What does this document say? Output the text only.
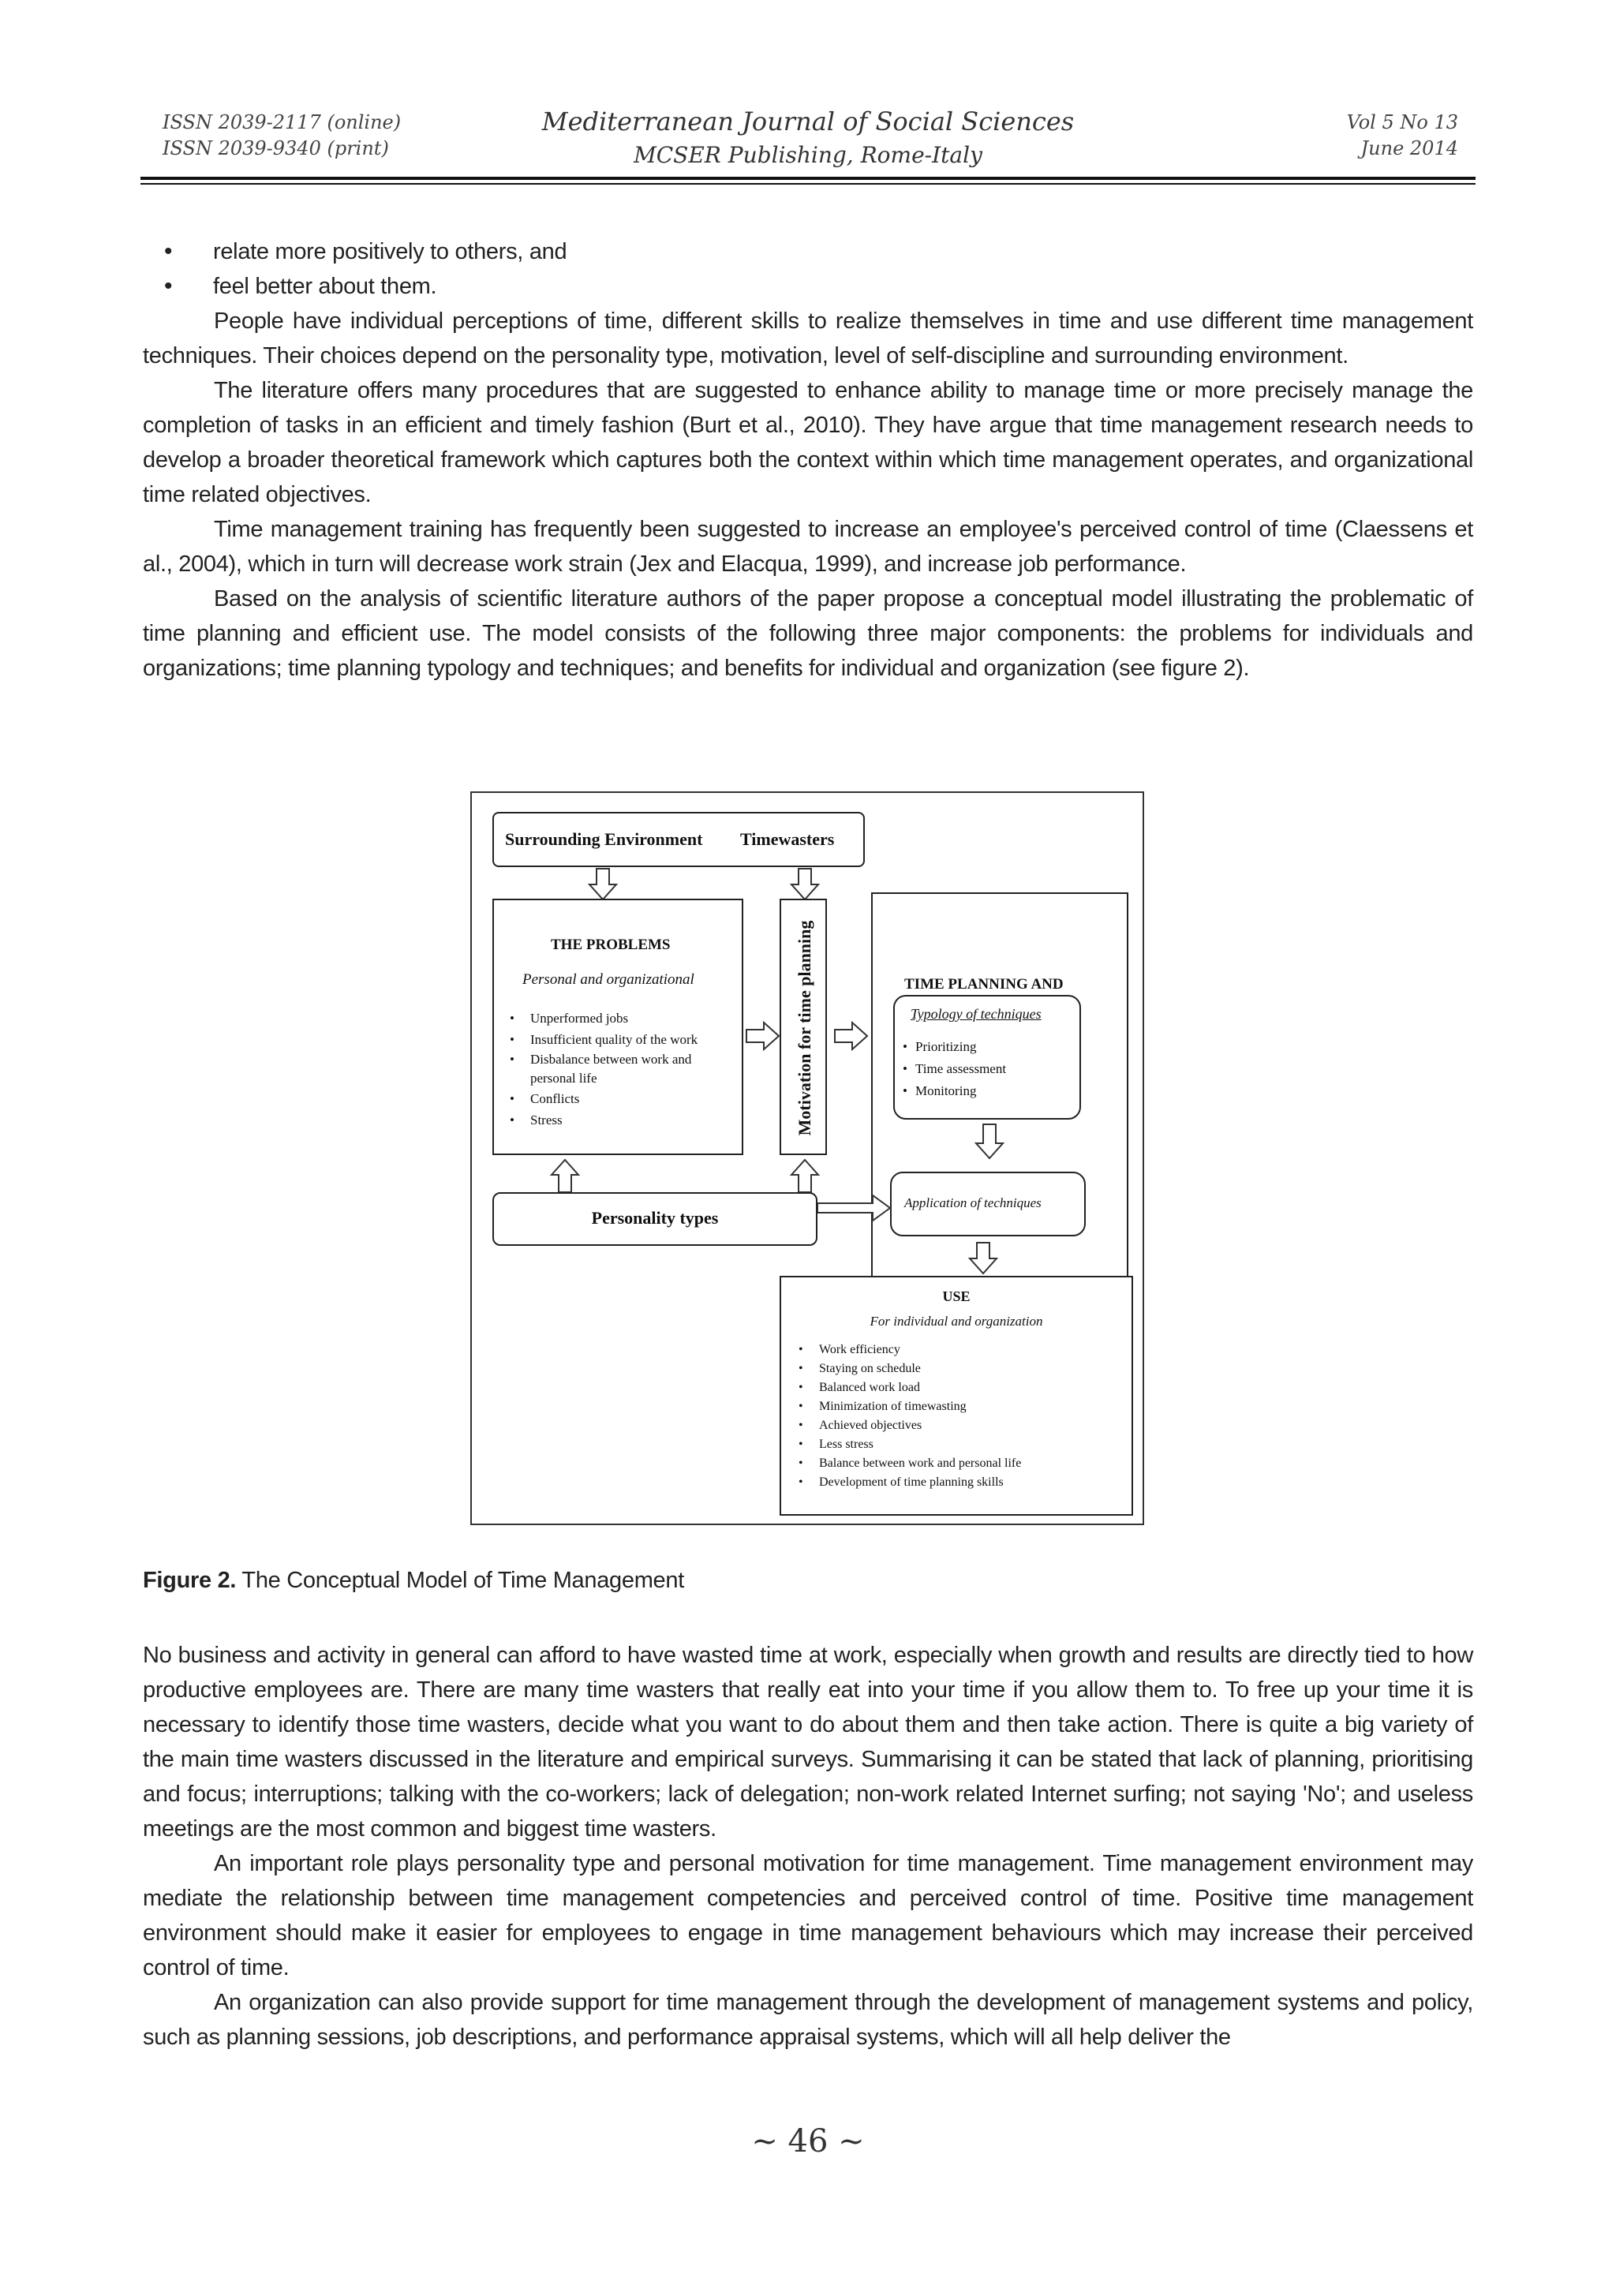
ISSN 2039-2117 (online)
ISSN 2039-9340 (print)
Mediterranean Journal of Social Sciences
MCSER Publishing, Rome-Italy
Vol 5 No 13
June 2014
• relate more positively to others, and
• feel better about them.

People have individual perceptions of time, different skills to realize themselves in time and use different time management techniques. Their choices depend on the personality type, motivation, level of self-discipline and surrounding environment.

The literature offers many procedures that are suggested to enhance ability to manage time or more precisely manage the completion of tasks in an efficient and timely fashion (Burt et al., 2010). They have argue that time management research needs to develop a broader theoretical framework which captures both the context within which time management operates, and organizational time related objectives.

Time management training has frequently been suggested to increase an employee's perceived control of time (Claessens et al., 2004), which in turn will decrease work strain (Jex and Elacqua, 1999), and increase job performance.

Based on the analysis of scientific literature authors of the paper propose a conceptual model illustrating the problematic of time planning and efficient use. The model consists of the following three major components: the problems for individuals and organizations; time planning typology and techniques; and benefits for individual and organization (see figure 2).

Surrounding Environment Timewasters
THE PROBLEMS
Personal and organizational
• Unperformed jobs
• Insufficient quality of the work
• Disbalance between work and personal life
• Conflicts
• Stress	Motivation for time planning	TIME PLANNING AND
Typology of techniques
• Prioritizing
• Time assessment
• Monitoring
Application of techniques
Personality types
USE
For individual and organization
• Work efficiency
• Staying on schedule
• Balanced work load
• Minimization of timewasting
• Achieved objectives
• Less stress
• Balance between work and personal life
• Development of time planning skills
Figure 2. The Conceptual Model of Time Management

No business and activity in general can afford to have wasted time at work, especially when growth and results are directly tied to how productive employees are. There are many time wasters that really eat into your time if you allow them to. To free up your time it is necessary to identify those time wasters, decide what you want to do about them and then take action. There is quite a big variety of the main time wasters discussed in the literature and empirical surveys. Summarising it can be stated that lack of planning, prioritising and focus; interruptions; talking with the co-workers; lack of delegation; non-work related Internet surfing; not saying 'No'; and useless meetings are the most common and biggest time wasters.

An important role plays personality type and personal motivation for time management. Time management environment may mediate the relationship between time management competencies and perceived control of time. Positive time management environment should make it easier for employees to engage in time management behaviours which may increase their perceived control of time.

An organization can also provide support for time management through the development of management systems and policy, such as planning sessions, job descriptions, and performance appraisal systems, which will all help deliver the

~ 46 ~
